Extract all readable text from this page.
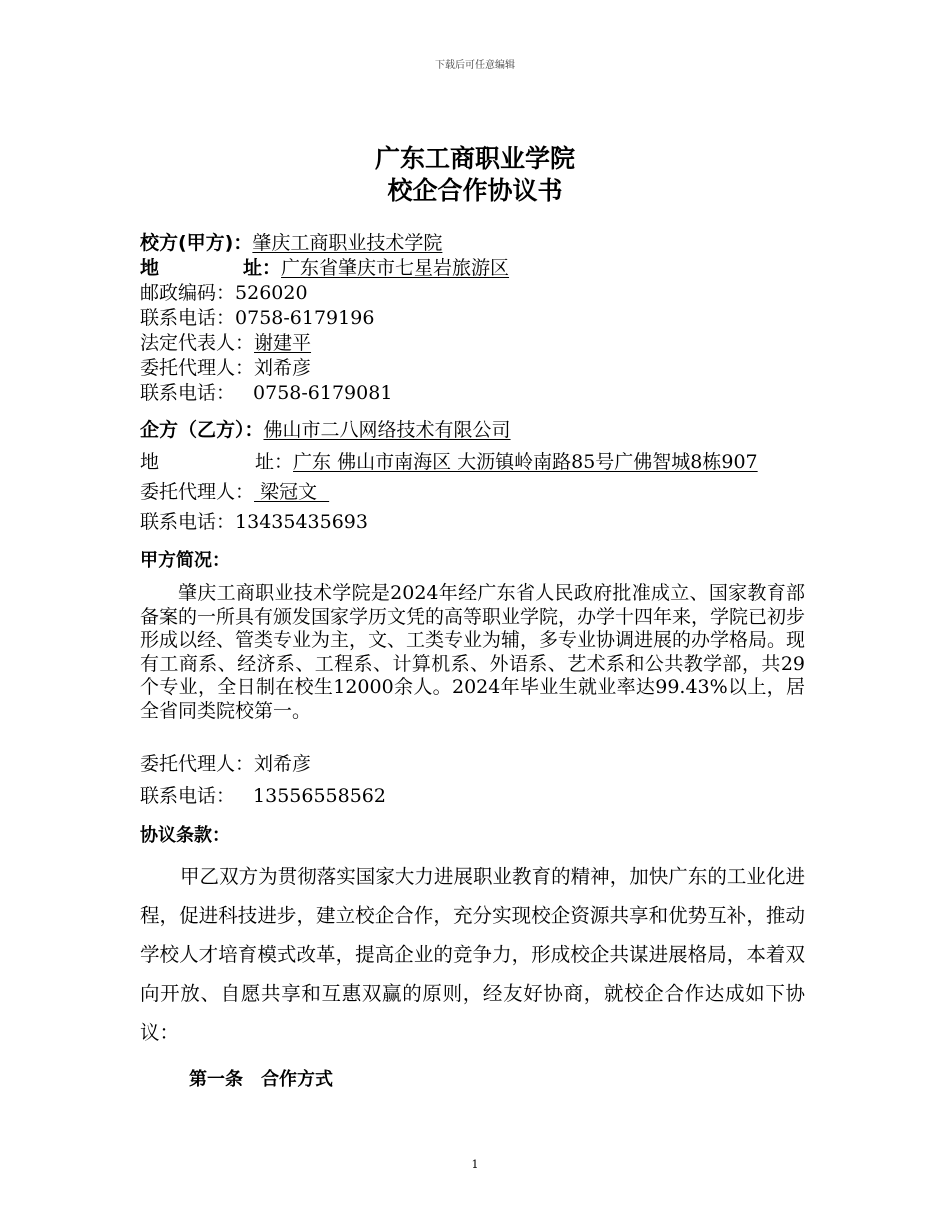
下载后可任意编辑
广东工商职业学院
校企合作协议书
校方(甲方)：肇庆工商职业技术学院
地	址：广东省肇庆市七星岩旅游区
邮政编码：526020
联系电话：0758-6179196
法定代表人：谢建平
委托代理人：刘希彦
联系电话： 0758-6179081
企方（乙方）：佛山市二八网络技术有限公司
地	址：广东 佛山市南海区 大沥镇岭南路85号广佛智城8栋907
委托代理人： 梁冠文
联系电话：13435435693
甲方简况：
肇庆工商职业技术学院是2024年经广东省人民政府批准成立、国家教育部备案的一所具有颁发国家学历文凭的高等职业学院，办学十四年来，学院已初步形成以经、管类专业为主，文、工类专业为辅，多专业协调进展的办学格局。现有工商系、经济系、工程系、计算机系、外语系、艺术系和公共教学部，共29个专业，全日制在校生12000余人。2024年毕业生就业率达99.43%以上，居全省同类院校第一。
委托代理人：刘希彦
联系电话： 13556558562
协议条款：
甲乙双方为贯彻落实国家大力进展职业教育的精神，加快广东的工业化进程，促进科技进步，建立校企合作，充分实现校企资源共享和优势互补，推动学校人才培育模式改革，提高企业的竞争力，形成校企共谋进展格局，本着双向开放、自愿共享和互惠双赢的原则，经友好协商，就校企合作达成如下协议：
第一条 合作方式
1
